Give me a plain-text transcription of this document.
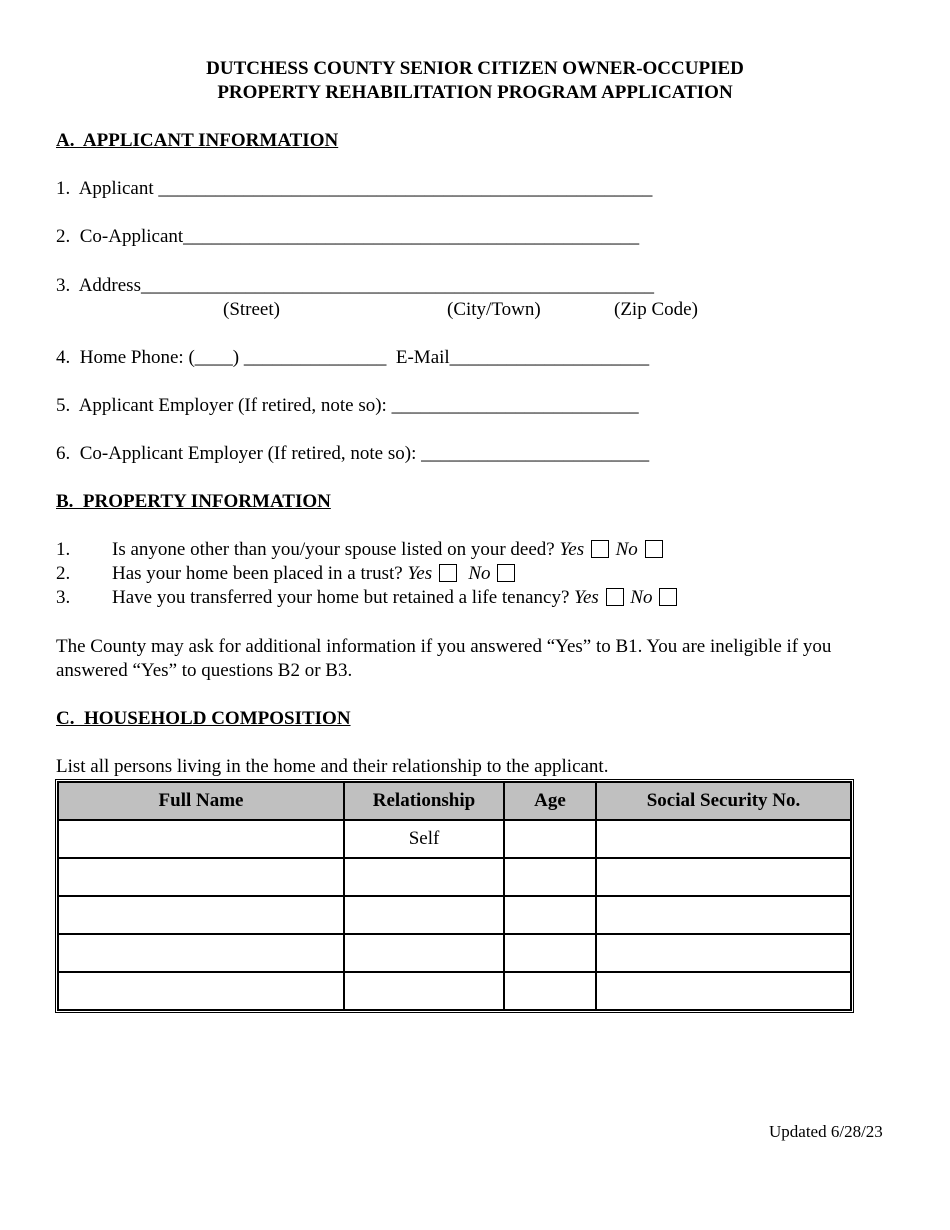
DUTCHESS COUNTY SENIOR CITIZEN OWNER-OCCUPIED
PROPERTY REHABILITATION PROGRAM APPLICATION
A.  APPLICANT INFORMATION
1.  Applicant ____________________________________________________
2.  Co-Applicant________________________________________________
3.  Address______________________________________________________
(Street)	(City/Town)	(Zip Code)
4.  Home Phone: (____) _______________  E-Mail_____________________
5.  Applicant Employer (If retired, note so): __________________________
6.  Co-Applicant Employer (If retired, note so): ________________________
B.  PROPERTY INFORMATION
1. Is anyone other than you/your spouse listed on your deed? Yes No
2. Has your home been placed in a trust? Yes No
3. Have you transferred your home but retained a life tenancy? Yes No
The County may ask for additional information if you answered “Yes” to B1. You are ineligible if you answered “Yes” to questions B2 or B3.
C.  HOUSEHOLD COMPOSITION
List all persons living in the home and their relationship to the applicant.
Full Name	Relationship	Age	Social Security No.
	Self		

Updated 6/28/23
